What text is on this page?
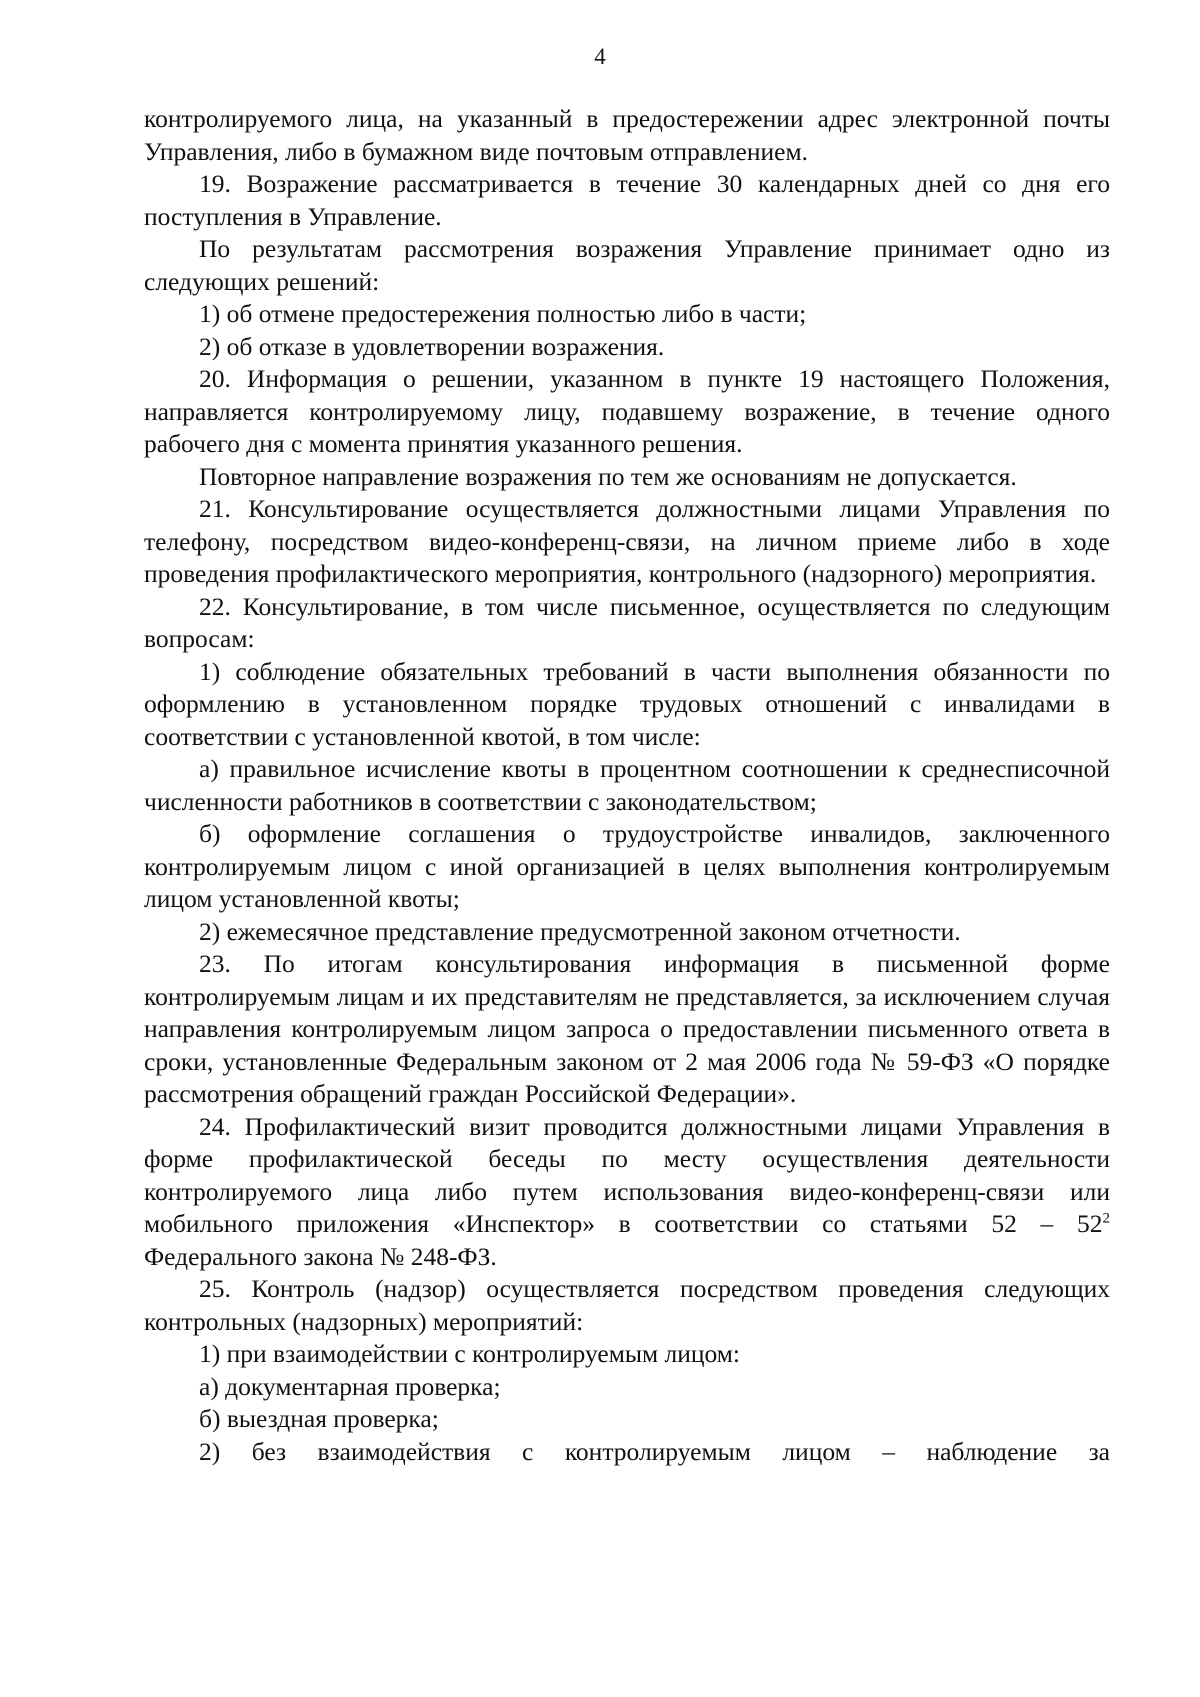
4

контролируемого лица, на указанный в предостережении адрес электронной почты Управления, либо в бумажном виде почтовым отправлением.

19. Возражение рассматривается в течение 30 календарных дней со дня его поступления в Управление.

По результатам рассмотрения возражения Управление принимает одно из следующих решений:

1) об отмене предостережения полностью либо в части;

2) об отказе в удовлетворении возражения.

20. Информация о решении, указанном в пункте 19 настоящего Положения, направляется контролируемому лицу, подавшему возражение, в течение одного рабочего дня с момента принятия указанного решения.

Повторное направление возражения по тем же основаниям не допускается.

21. Консультирование осуществляется должностными лицами Управления по телефону, посредством видео-конференц-связи, на личном приеме либо в ходе проведения профилактического мероприятия, контрольного (надзорного) мероприятия.

22. Консультирование, в том числе письменное, осуществляется по следующим вопросам:

1) соблюдение обязательных требований в части выполнения обязанности по оформлению в установленном порядке трудовых отношений с инвалидами в соответствии с установленной квотой, в том числе:

а) правильное исчисление квоты в процентном соотношении к среднесписочной численности работников в соответствии с законодательством;

б) оформление соглашения о трудоустройстве инвалидов, заключенного контролируемым лицом с иной организацией в целях выполнения контролируемым лицом установленной квоты;

2) ежемесячное представление предусмотренной законом отчетности.

23. По итогам консультирования информация в письменной форме контролируемым лицам и их представителям не представляется, за исключением случая направления контролируемым лицом запроса о предоставлении письменного ответа в сроки, установленные Федеральным законом от 2 мая 2006 года № 59-ФЗ «О порядке рассмотрения обращений граждан Российской Федерации».

24. Профилактический визит проводится должностными лицами Управления в форме профилактической беседы по месту осуществления деятельности контролируемого лица либо путем использования видео-конференц-связи или мобильного приложения «Инспектор» в соответствии со статьями $52 - 52^2$ Федерального закона № 248-ФЗ.

25. Контроль (надзор) осуществляется посредством проведения следующих контрольных (надзорных) мероприятий:

1) при взаимодействии с контролируемым лицом:

а) документарная проверка;

б) выездная проверка;

2) без взаимодействия с контролируемым лицом – наблюдение за
